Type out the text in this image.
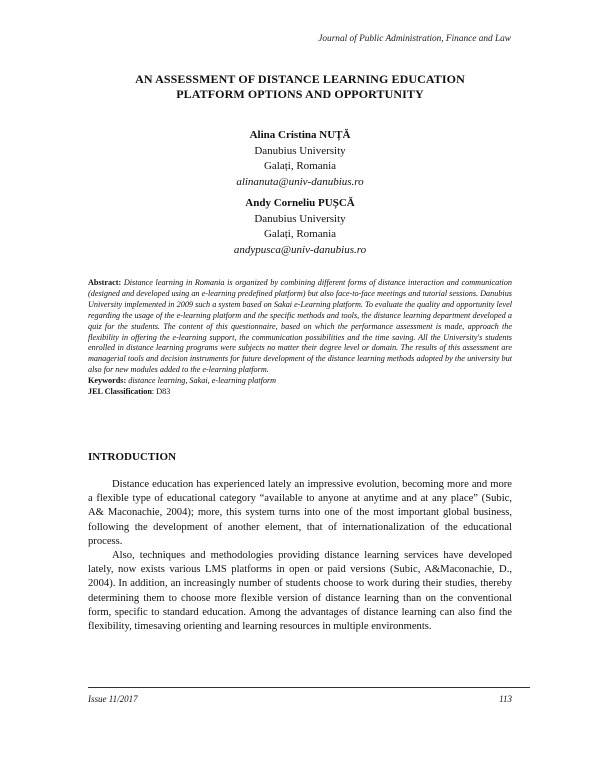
Journal of Public Administration, Finance and Law
AN ASSESSMENT OF DISTANCE LEARNING EDUCATION
PLATFORM OPTIONS AND OPPORTUNITY
Alina Cristina NUȚĂ
Danubius University
Galați, Romania
alinanuta@univ-danubius.ro
Andy Corneliu PUȘCĂ
Danubius University
Galați, Romania
andypusca@univ-danubius.ro
Abstract: Distance learning in Romania is organized by combining different forms of distance interaction and communication (designed and developed using an e-learning predefined platform) but also face-to-face meetings and tutorial sessions. Danubius University implemented in 2009 such a system based on Sakai e-Learning platform. To evaluate the quality and opportunity level regarding the usage of the e-learning platform and the specific methods and tools, the distance learning department developed a quiz for the students. The content of this questionnaire, based on which the performance assessment is made, approach the flexibility in offering the e-learning support, the communication possibilities and the time saving. All the University's students enrolled in distance learning programs were subjects no matter their degree level or domain. The results of this assessment are managerial tools and decision instruments for future development of the distance learning methods adopted by the university but also for new modules added to the e-learning platform.
Keywords: distance learning, Sakai, e-learning platform
JEL Classification: D83
INTRODUCTION

Distance education has experienced lately an impressive evolution, becoming more and more a flexible type of educational category “available to anyone at anytime and at any place” (Subic, A& Maconachie, 2004); more, this system turns into one of the most important global business, following the development of another element, that of internationalization of the educational process.

Also, techniques and methodologies providing distance learning services have developed lately, now exists various LMS platforms in open or paid versions (Subic, A&Maconachie, D., 2004). In addition, an increasingly number of students choose to work during their studies, thereby determining them to choose more flexible version of distance learning than on the conventional form, specific to standard education. Among the advantages of distance learning can also find the flexibility, timesaving orienting and learning resources in multiple environments.

Issue 11/2017	113
